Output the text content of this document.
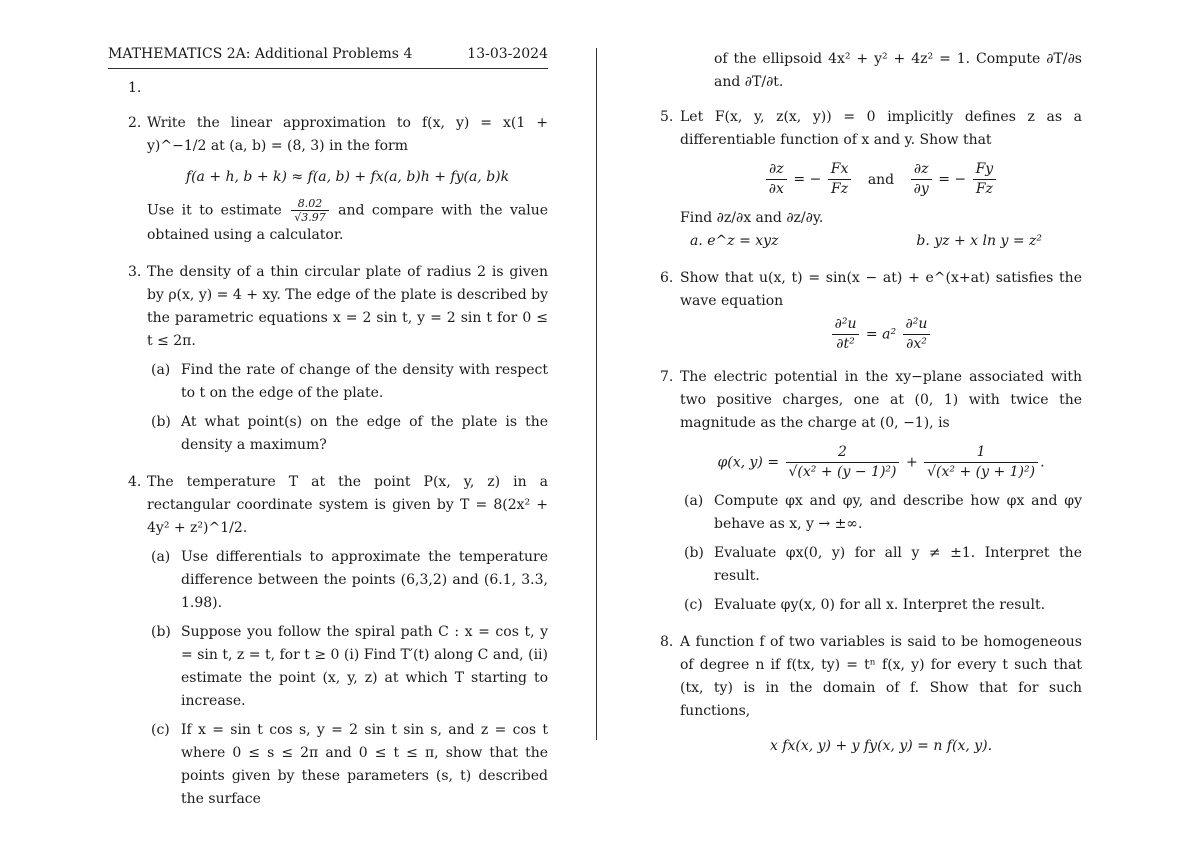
MATHEMATICS 2A: Additional Problems 4	13-03-2024
1.

2. Write the linear approximation to f(x, y) = x(1 + y)^−1/2 at (a, b) = (8, 3) in the form
f(a + h, b + k) ≈ f(a, b) + fx(a, b)h + fy(a, b)k
Use it to estimate $\frac{8.02}{√3.97}$ and compare with the value obtained using a calculator.
3. The density of a thin circular plate of radius 2 is given by ρ(x, y) = 4 + xy. The edge of the plate is described by the parametric equations x = 2 sin t, y = 2 sin t for 0 ≤ t ≤ 2π.
(a) Find the rate of change of the density with respect to t on the edge of the plate.
(b) At what point(s) on the edge of the plate is the density a maximum?
4. The temperature T at the point P(x, y, z) in a rectangular coordinate system is given by T = 8(2x² + 4y² + z²)^1/2.
(a) Use differentials to approximate the temperature difference between the points (6,3,2) and (6.1, 3.3, 1.98).
(b) Suppose you follow the spiral path C : x = cos t, y = sin t, z = t, for t ≥ 0 (i) Find T′(t) along C and, (ii) estimate the point (x, y, z) at which T starting to increase.
(c) If x = sin t cos s, y = 2 sin t sin s, and z = cos t where 0 ≤ s ≤ 2π and 0 ≤ t ≤ π, show that the points given by these parameters (s, t) described the surface
of the ellipsoid 4x² + y² + 4z² = 1. Compute ∂T/∂s and ∂T/∂t.
5. Let F(x, y, z(x, y)) = 0 implicitly defines z as a differentiable function of x and y. Show that
$\frac{\partial z}{\partial x}$ = − $\frac{Fx}{Fz}$ and $\frac{\partial z}{\partial y}$ = − $\frac{Fy}{Fz}$
Find ∂z/∂x and ∂z/∂y.
a. e^z = xyz	b. yz + x ln y = z²
6. Show that u(x, t) = sin(x − at) + e^(x+at) satisfies the wave equation
$\frac{\text{∂²u}}{\text{∂t²}} = a^2 \frac{\text{∂²u}}{\text{∂x²}}$
7. The electric potential in the xy−plane associated with two positive charges, one at (0, 1) with twice the magnitude as the charge at (0, −1), is
φ(x, $y) = \frac{2}{\text{√(x² + (y − 1)²)}} + \frac{1}{\text{√(x² + (y + 1)²)}}$ .
(a) Compute φx and φy, and describe how φx and φy behave as x, y → ±∞.
(b) Evaluate φx(0, y) for all y ≠ ±1. Interpret the result.
(c) Evaluate φy(x, 0) for all x. Interpret the result.
8. A function f of two variables is said to be homogeneous of degree n if f(tx, ty) = tⁿ f(x, y) for every t such that (tx, ty) is in the domain of f. Show that for such functions,
x fx(x, y) + y fy(x, y) = n f(x, y).
